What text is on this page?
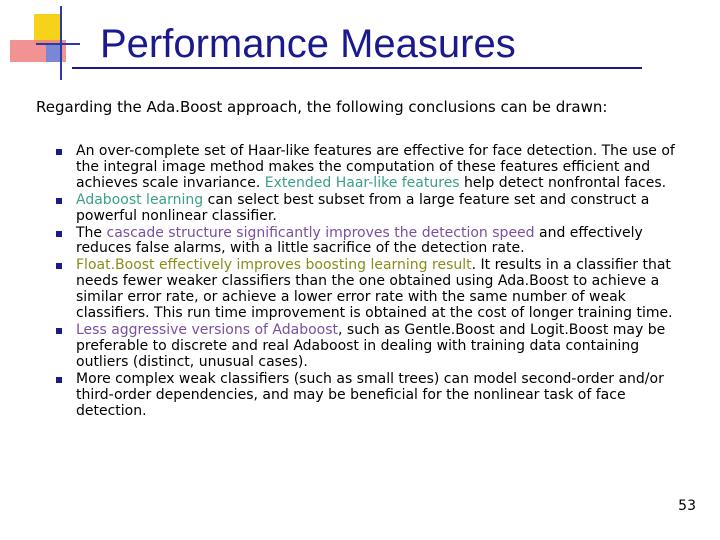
Performance Measures
Regarding the Ada.Boost approach, the following conclusions can be drawn:
An over-complete set of Haar-like features are effective for face detection. The use of the integral image method makes the computation of these features efficient and achieves scale invariance. Extended Haar-like features help detect nonfrontal faces.
Adaboost learning can select best subset from a large feature set and construct a powerful nonlinear classifier.
The cascade structure significantly improves the detection speed and effectively reduces false alarms, with a little sacrifice of the detection rate.
Float.Boost effectively improves boosting learning result. It results in a classifier that needs fewer weaker classifiers than the one obtained using Ada.Boost to achieve a similar error rate, or achieve a lower error rate with the same number of weak classifiers. This run time improvement is obtained at the cost of longer training time.
Less aggressive versions of Adaboost, such as Gentle.Boost and Logit.Boost may be preferable to discrete and real Adaboost in dealing with training data containing outliers (distinct, unusual cases).
More complex weak classifiers (such as small trees) can model second-order and/or third-order dependencies, and may be beneficial for the nonlinear task of face detection.
53
